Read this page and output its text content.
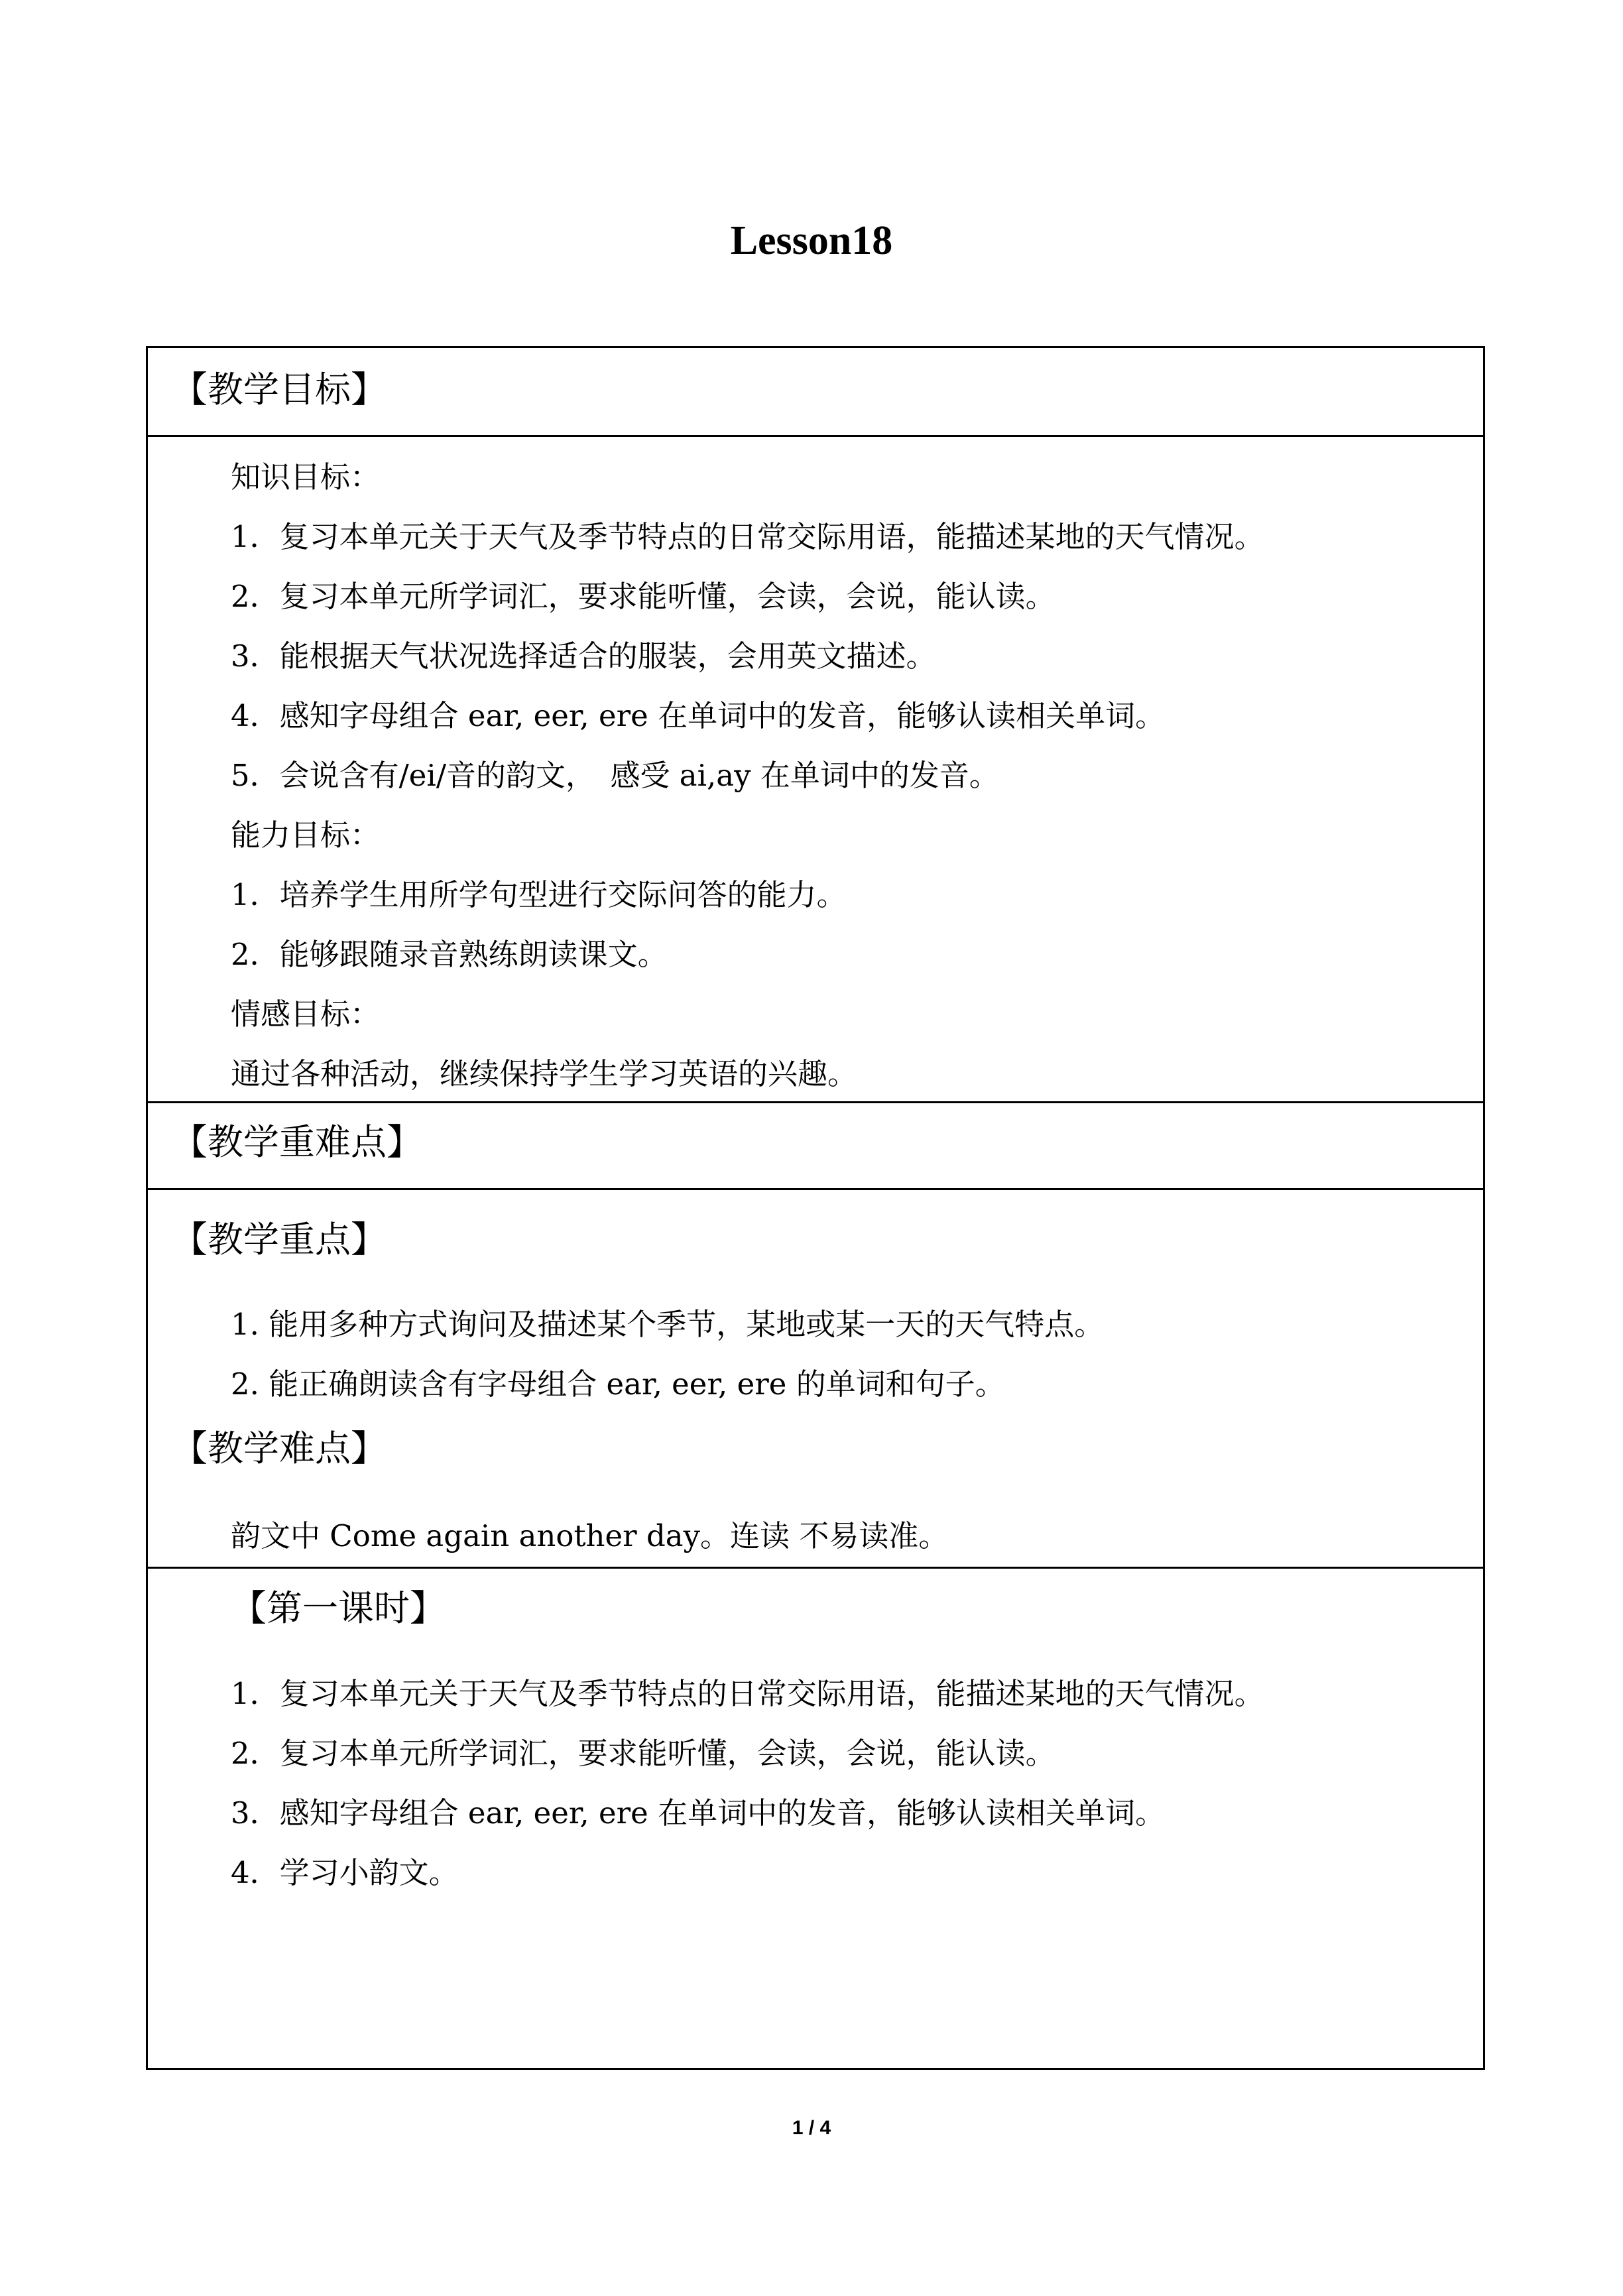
Lesson18
【教学目标】
知识目标：
1．复习本单元关于天气及季节特点的日常交际用语，能描述某地的天气情况。
2．复习本单元所学词汇，要求能听懂，会读，会说，能认读。
3．能根据天气状况选择适合的服装，会用英文描述。
4．感知字母组合 ear, eer, ere 在单词中的发音，能够认读相关单词。
5．会说含有/ei/音的韵文，　感受 ai,ay 在单词中的发音。
能力目标：
1．培养学生用所学句型进行交际问答的能力。
2．能够跟随录音熟练朗读课文。
情感目标：
通过各种活动，继续保持学生学习英语的兴趣。
【教学重难点】
【教学重点】
1. 能用多种方式询问及描述某个季节，某地或某一天的天气特点。
2. 能正确朗读含有字母组合 ear, eer, ere 的单词和句子。
【教学难点】
韵文中 Come again another day。连读 不易读准。
【第一课时】
1．复习本单元关于天气及季节特点的日常交际用语，能描述某地的天气情况。
2．复习本单元所学词汇，要求能听懂，会读，会说，能认读。
3．感知字母组合 ear, eer, ere 在单词中的发音，能够认读相关单词。
4．学习小韵文。
1 / 4
